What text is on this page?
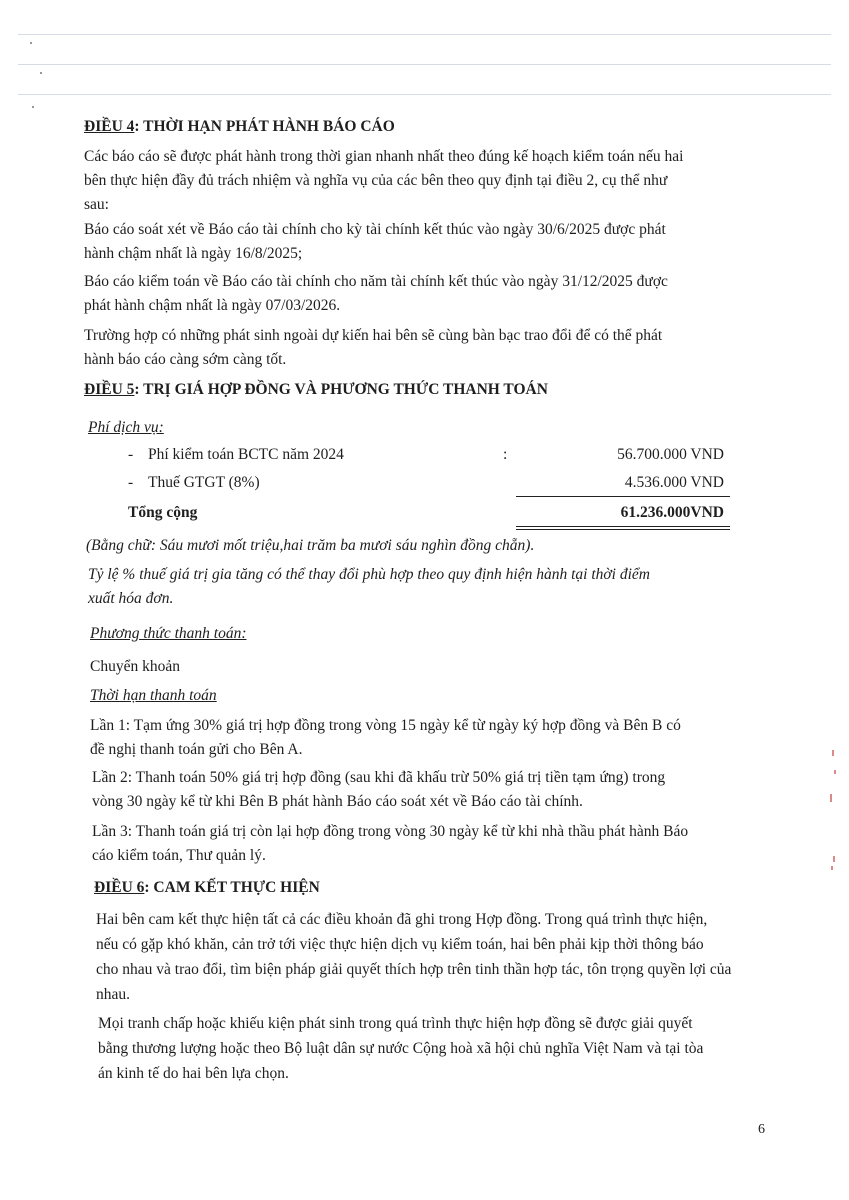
ĐIỀU 4: THỜI HẠN PHÁT HÀNH BÁO CÁO
Các báo cáo sẽ được phát hành trong thời gian nhanh nhất theo đúng kế hoạch kiểm toán nếu hai
bên thực hiện đầy đủ trách nhiệm và nghĩa vụ của các bên theo quy định tại điều 2, cụ thể như
sau:
Báo cáo soát xét về Báo cáo tài chính cho kỳ tài chính kết thúc vào ngày 30/6/2025 được phát
hành chậm nhất là ngày 16/8/2025;
Báo cáo kiểm toán về Báo cáo tài chính cho năm tài chính kết thúc vào ngày 31/12/2025 được
phát hành chậm nhất là ngày 07/03/2026.
Trường hợp có những phát sinh ngoài dự kiến hai bên sẽ cùng bàn bạc trao đổi để có thể phát
hành báo cáo càng sớm càng tốt.
ĐIỀU 5: TRỊ GIÁ HỢP ĐỒNG VÀ PHƯƠNG THỨC THANH TOÁN
Phí dịch vụ:
- Phí kiểm toán BCTC năm 2024	:	56.700.000 VND
- Thuế GTGT (8%)	4.536.000 VND
Tổng cộng	61.236.000VND
(Bằng chữ: Sáu mươi mốt triệu,hai trăm ba mươi sáu nghìn đồng chẵn).
Tỷ lệ % thuế giá trị gia tăng có thể thay đổi phù hợp theo quy định hiện hành tại thời điểm
xuất hóa đơn.
Phương thức thanh toán:
Chuyển khoản
Thời hạn thanh toán
Lần 1: Tạm ứng 30% giá trị hợp đồng trong vòng 15 ngày kể từ ngày ký hợp đồng và Bên B có
đề nghị thanh toán gửi cho Bên A.
Lần 2: Thanh toán 50% giá trị hợp đồng (sau khi đã khấu trừ 50% giá trị tiền tạm ứng) trong
vòng 30 ngày kể từ khi Bên B phát hành Báo cáo soát xét về Báo cáo tài chính.
Lần 3: Thanh toán giá trị còn lại hợp đồng trong vòng 30 ngày kể từ khi nhà thầu phát hành Báo
cáo kiểm toán, Thư quản lý.
ĐIỀU 6: CAM KẾT THỰC HIỆN
Hai bên cam kết thực hiện tất cả các điều khoản đã ghi trong Hợp đồng. Trong quá trình thực hiện,
nếu có gặp khó khăn, cản trở tới việc thực hiện dịch vụ kiểm toán, hai bên phải kịp thời thông báo
cho nhau và trao đổi, tìm biện pháp giải quyết thích hợp trên tinh thần hợp tác, tôn trọng quyền lợi của
nhau.
Mọi tranh chấp hoặc khiếu kiện phát sinh trong quá trình thực hiện hợp đồng sẽ được giải quyết
bằng thương lượng hoặc theo Bộ luật dân sự nước Cộng hoà xã hội chủ nghĩa Việt Nam và tại tòa
án kinh tế do hai bên lựa chọn.
6
